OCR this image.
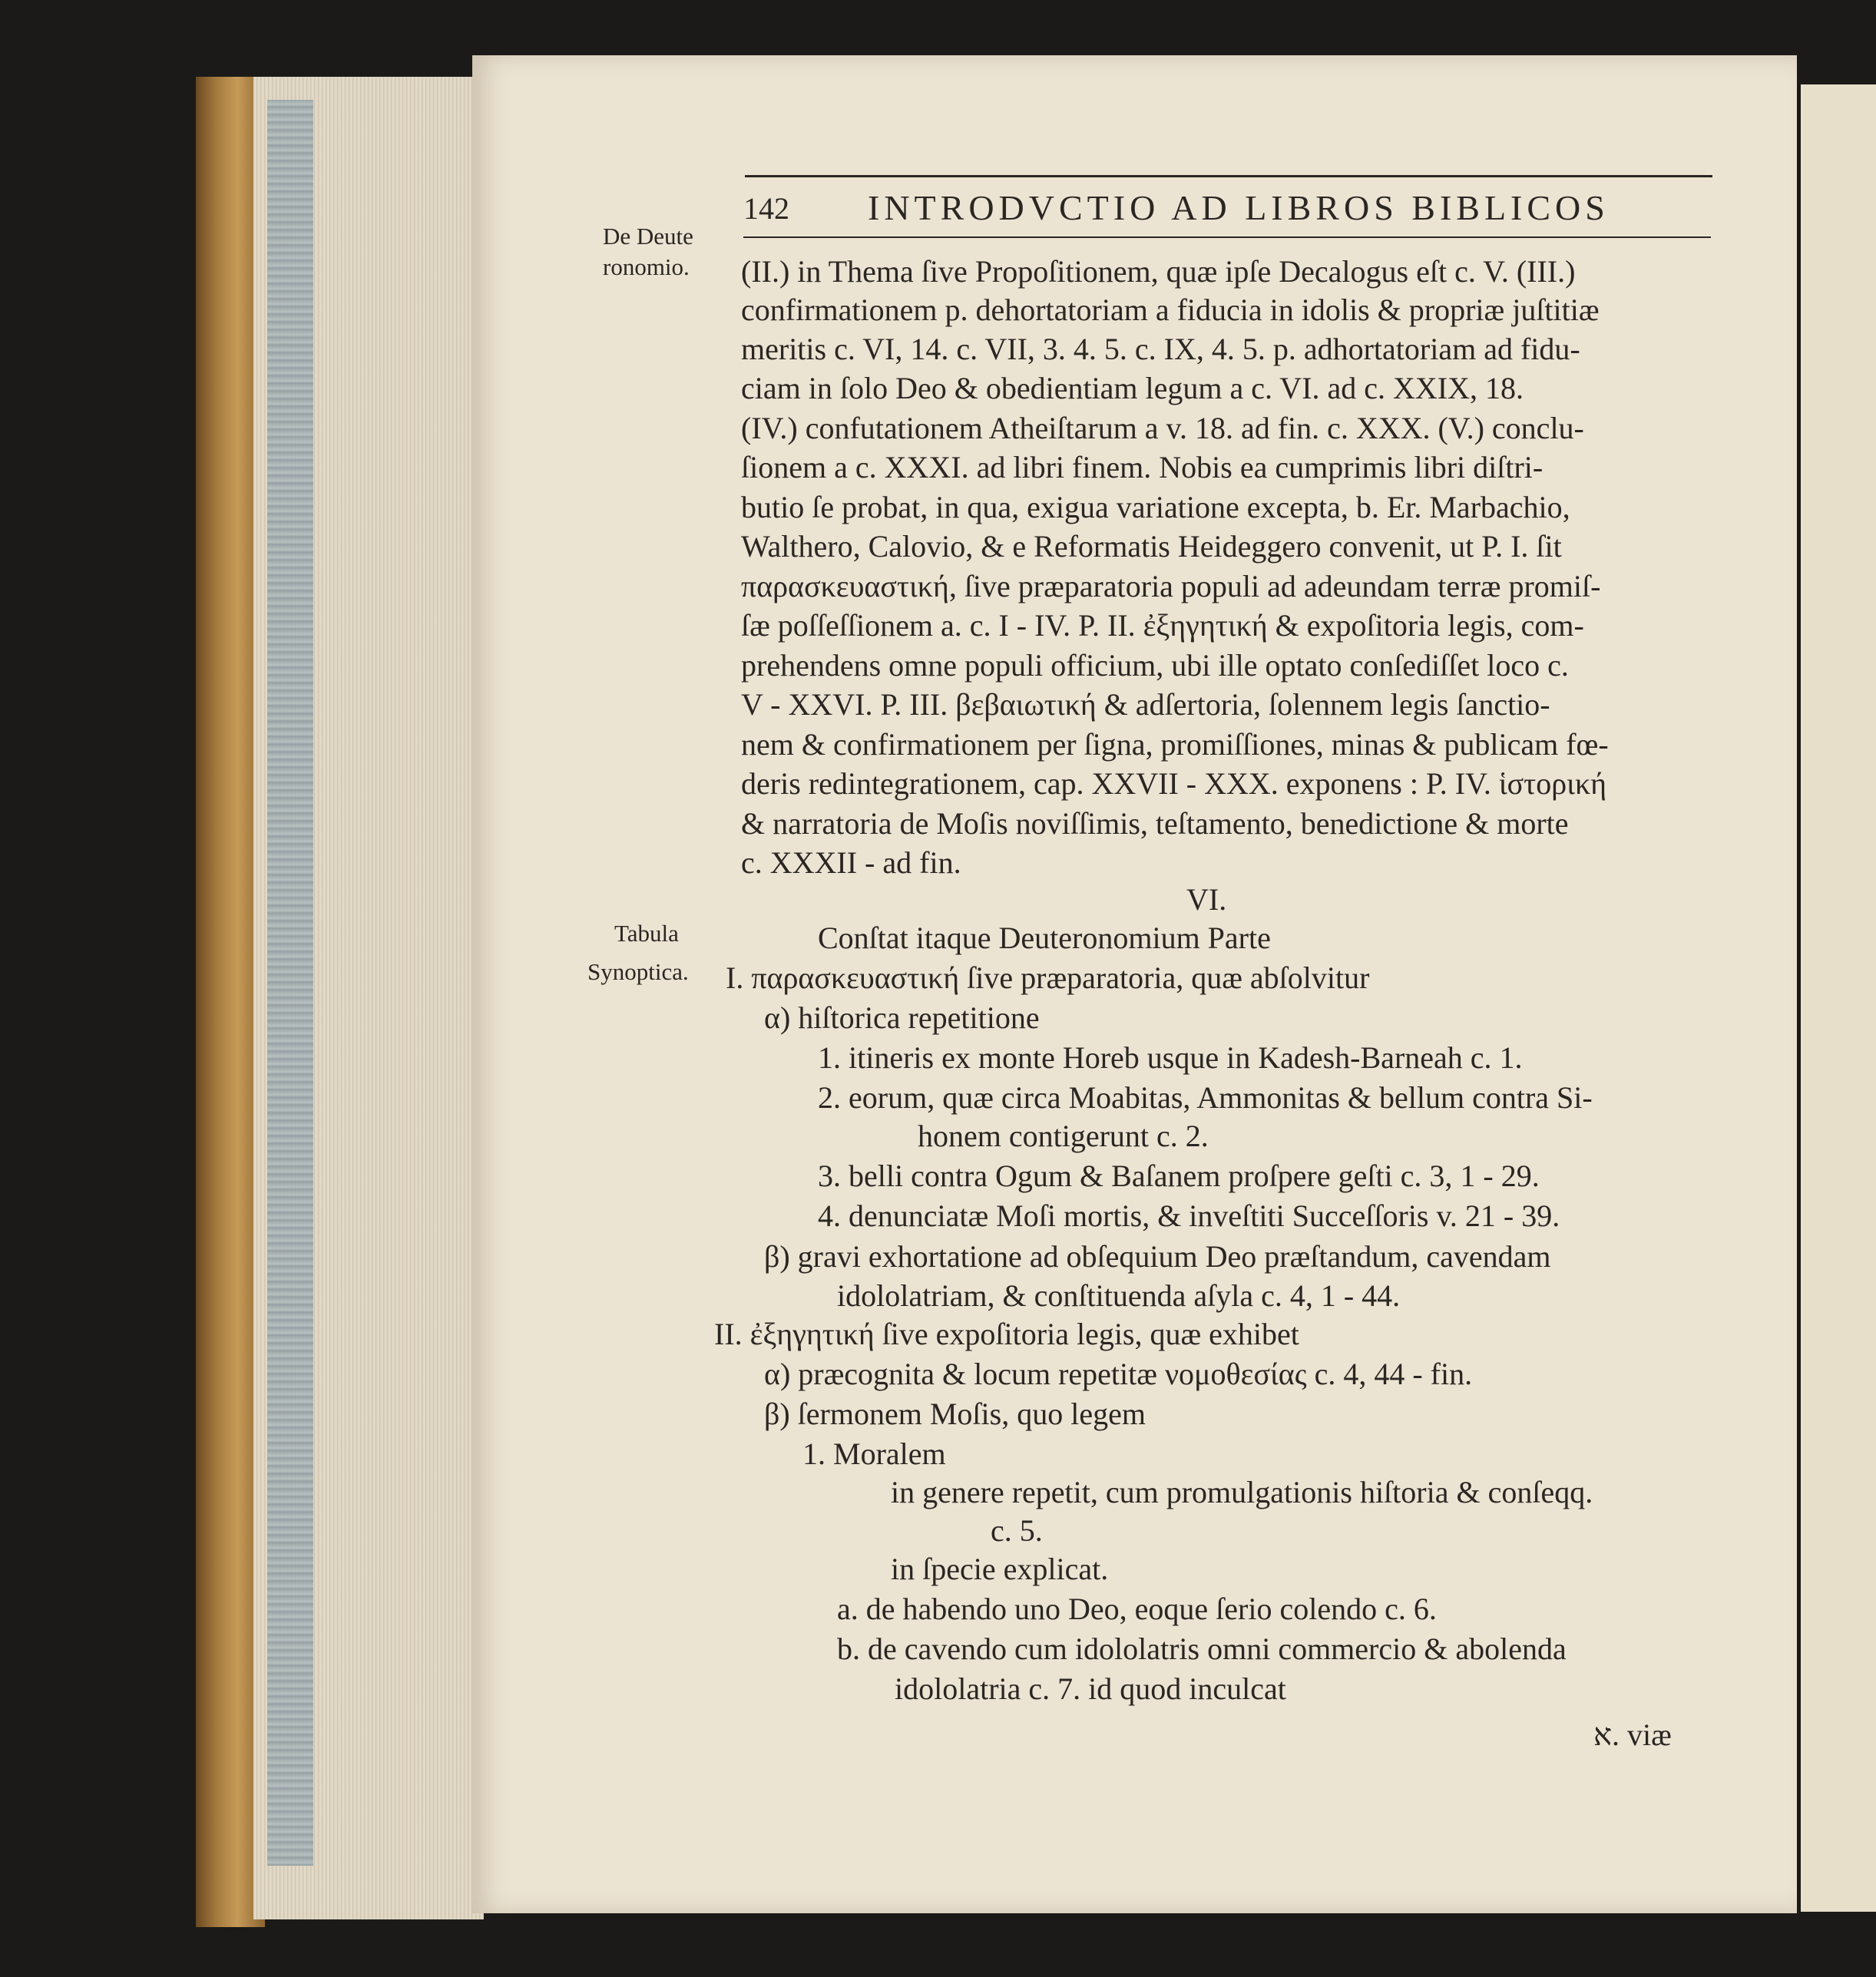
142 INTRODVCTIO AD LIBROS BIBLICOS
De Deute
ronomio.
Tabula
Synoptica.
(II.) in Thema ſive Propoſitionem, quæ ipſe Decalogus eſt c. V. (III.)
confirmationem p. dehortatoriam a fiducia in idolis & propriæ juſtitiæ
meritis c. VI, 14. c. VII, 3. 4. 5. c. IX, 4. 5. p. adhortatoriam ad fidu-
ciam in ſolo Deo & obedientiam legum a c. VI. ad c. XXIX, 18.
(IV.) confutationem Atheiſtarum a v. 18. ad fin. c. XXX. (V.) conclu-
ſionem a c. XXXI. ad libri finem. Nobis ea cumprimis libri diſtri-
butio ſe probat, in qua, exigua variatione excepta, b. Er. Marbachio,
Walthero, Calovio, & e Reformatis Heideggero convenit, ut P. I. ſit
παρασκευαστική, ſive præparatoria populi ad adeundam terræ promiſ-
ſæ poſſeſſionem a. c. I - IV. P. II. ἐξηγητική & expoſitoria legis, com-
prehendens omne populi officium, ubi ille optato conſediſſet loco c.
V - XXVI. P. III. βεβαιωτική & adſertoria, ſolennem legis ſanctio-
nem & confirmationem per ſigna, promiſſiones, minas & publicam fœ-
deris redintegrationem, cap. XXVII - XXX. exponens : P. IV. ἱστορική
& narratoria de Moſis noviſſimis, teſtamento, benedictione & morte
c. XXXII - ad fin.
VI.
Conſtat itaque Deuteronomium Parte
I. παρασκευαστική ſive præparatoria, quæ abſolvitur
α) hiſtorica repetitione
1. itineris ex monte Horeb usque in Kadesh-Barneah c. 1.
2. eorum, quæ circa Moabitas, Ammonitas & bellum contra Si-
honem contigerunt c. 2.
3. belli contra Ogum & Baſanem proſpere geſti c. 3, 1 - 29.
4. denunciatæ Moſi mortis, & inveſtiti Succeſſoris v. 21 - 39.
β) gravi exhortatione ad obſequium Deo præſtandum, cavendam
idololatriam, & conſtituenda aſyla c. 4, 1 - 44.
II. ἐξηγητική ſive expoſitoria legis, quæ exhibet
α) præcognita & locum repetitæ νομοθεσίας c. 4, 44 - fin.
β) ſermonem Moſis, quo legem
1. Moralem
in genere repetit, cum promulgationis hiſtoria & conſeqq.
c. 5.
in ſpecie explicat.
a. de habendo uno Deo, eoque ſerio colendo c. 6.
b. de cavendo cum idololatris omni commercio & abolenda
idololatria c. 7. id quod inculcat
א. viæ
